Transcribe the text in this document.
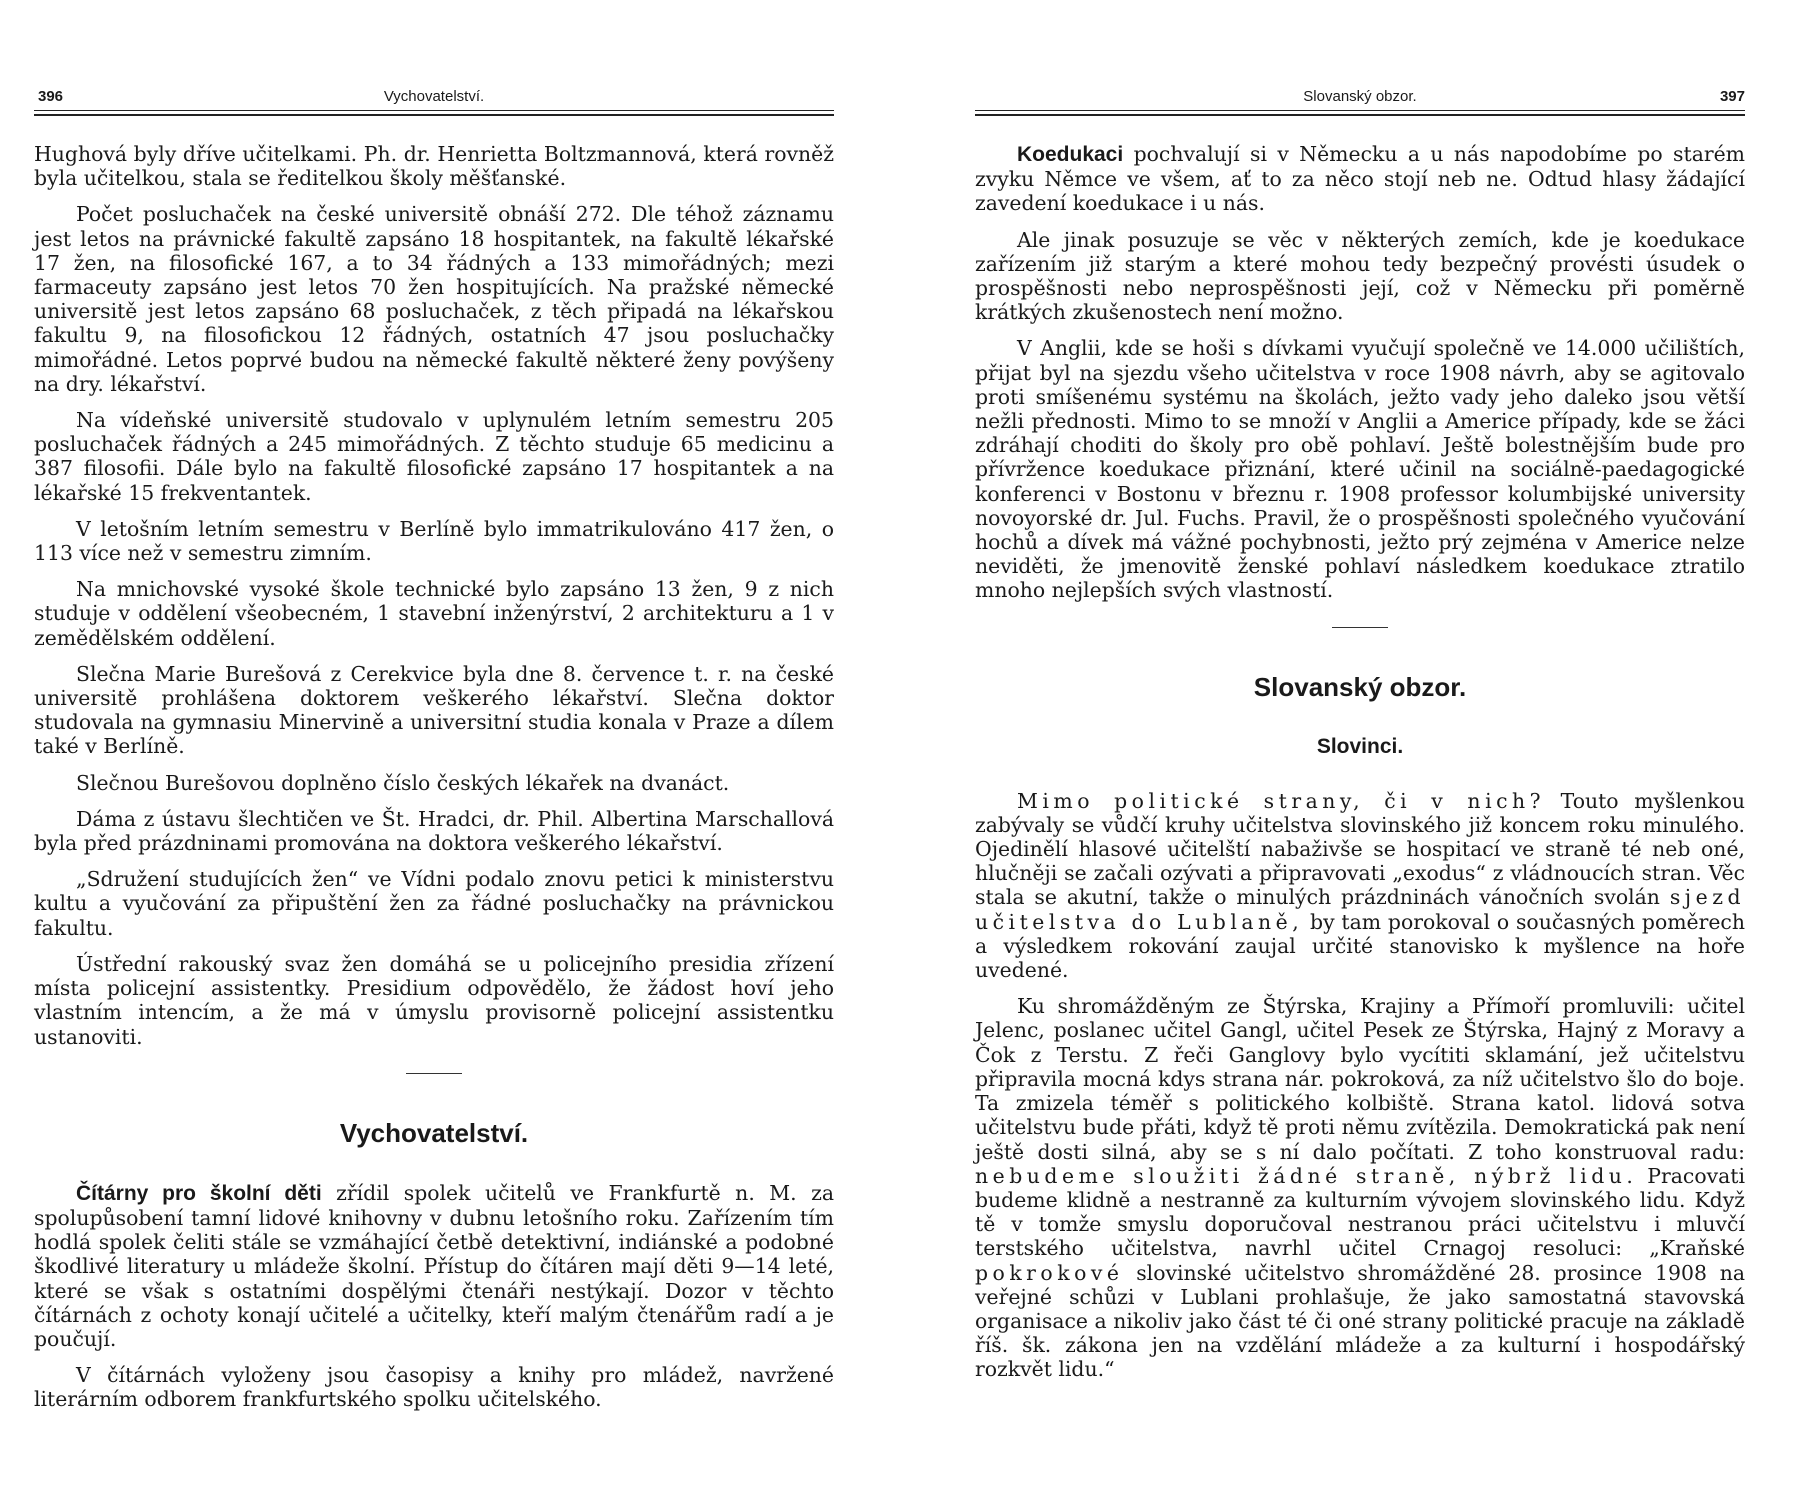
396	Vychovatelství.

Hughová byly dříve učitelkami. Ph. dr. Henrietta Boltzmannová, která rovněž byla učitelkou, stala se ředitelkou školy měšťanské.

Počet posluchaček na české universitě obnáší 272. Dle téhož záznamu jest letos na právnické fakultě zapsáno 18 hospitantek, na fakultě lékařské 17 žen, na filosofické 167, a to 34 řádných a 133 mimořádných; mezi farmaceuty zapsáno jest letos 70 žen hospitujících. Na pražské německé universitě jest letos zapsáno 68 posluchaček, z těch připadá na lékařskou fakultu 9, na filosofickou 12 řádných, ostatních 47 jsou posluchačky mimořádné. Letos poprvé budou na německé fakultě některé ženy povýšeny na dry. lékařství.

Na vídeňské universitě studovalo v uplynulém letním semestru 205 posluchaček řádných a 245 mimořádných. Z těchto studuje 65 medicinu a 387 filosofii. Dále bylo na fakultě filosofické zapsáno 17 hospitantek a na lékařské 15 frekventantek.

V letošním letním semestru v Berlíně bylo immatrikulováno 417 žen, o 113 více než v semestru zimním.

Na mnichovské vysoké škole technické bylo zapsáno 13 žen, 9 z nich studuje v oddělení všeobecném, 1 stavební inženýrství, 2 architekturu a 1 v zemědělském oddělení.

Slečna Marie Burešová z Cerekvice byla dne 8. července t. r. na české universitě prohlášena doktorem veškerého lékařství. Slečna doktor studovala na gymnasiu Minervině a universitní studia konala v Praze a dílem také v Berlíně.

Slečnou Burešovou doplněno číslo českých lékařek na dvanáct.

Dáma z ústavu šlechtičen ve Št. Hradci, dr. Phil. Albertina Marschallová byla před prázdninami promována na doktora veškerého lékařství.

„Sdružení studujících žen“ ve Vídni podalo znovu petici k ministerstvu kultu a vyučování za připuštění žen za řádné posluchačky na právnickou fakultu.

Ústřední rakouský svaz žen domáhá se u policejního presidia zřízení místa policejní assistentky. Presidium odpovědělo, že žádost hoví jeho vlastním intencím, a že má v úmyslu provisorně policejní assistentku ustanoviti.

Vychovatelství.

Čítárny pro školní děti zřídil spolek učitelů ve Frankfurtě n. M. za spolupůsobení tamní lidové knihovny v dubnu letošního roku. Zařízením tím hodlá spolek čeliti stále se vzmáhající četbě detektivní, indiánské a podobné škodlivé literatury u mládeže školní. Přístup do čítáren mají děti 9—14 leté, které se však s ostatními dospělými čtenáři nestýkají. Dozor v těchto čítárnách z ochoty konají učitelé a učitelky, kteří malým čtenářům radí a je poučují.

V čítárnách vyloženy jsou časopisy a knihy pro mládež, navržené literárním odborem frankfurtského spolku učitelského.

Slovanský obzor.	397

Koedukaci pochvalují si v Německu a u nás napodobíme po starém zvyku Němce ve všem, ať to za něco stojí neb ne. Odtud hlasy žádající zavedení koedukace i u nás.

Ale jinak posuzuje se věc v některých zemích, kde je koedukace zařízením již starým a které mohou tedy bezpečný provésti úsudek o prospěšnosti nebo neprospěšnosti její, což v Německu při poměrně krátkých zkušenostech není možno.

V Anglii, kde se hoši s dívkami vyučují společně ve 14.000 učilištích, přijat byl na sjezdu všeho učitelstva v roce 1908 návrh, aby se agitovalo proti smíšenému systému na školách, ježto vady jeho daleko jsou větší nežli přednosti. Mimo to se množí v Anglii a Americe případy, kde se žáci zdráhají choditi do školy pro obě pohlaví. Ještě bolestnějším bude pro přívržence koedukace přiznání, které učinil na sociálně-paedagogické konferenci v Bostonu v březnu r. 1908 professor kolumbijské university novoyorské dr. Jul. Fuchs. Pravil, že o prospěšnosti společného vyučování hochů a dívek má vážné pochybnosti, ježto prý zejména v Americe nelze neviděti, že jmenovitě ženské pohlaví následkem koedukace ztratilo mnoho nejlepších svých vlastností.

Slovanský obzor.
Slovinci.

Mimo politické strany, či v nich? Touto myšlenkou zabývaly se vůdčí kruhy učitelstva slovinského již koncem roku minulého. Ojedinělí hlasové učitelští nabaživše se hospitací ve straně té neb oné, hlučněji se začali ozývati a připravovati „exodus“ z vládnoucích stran. Věc stala se akutní, takže o minulých prázdninách vánočních svolán sjezd učitelstva do Lublaně, by tam porokoval o současných poměrech a výsledkem rokování zaujal určité stanovisko k myšlence na hoře uvedené.

Ku shromážděným ze Štýrska, Krajiny a Přímoří promluvili: učitel Jelenc, poslanec učitel Gangl, učitel Pesek ze Štýrska, Hajný z Moravy a Čok z Terstu. Z řeči Ganglovy bylo vycítiti sklamání, jež učitelstvu připravila mocná kdys strana nár. pokroková, za níž učitelstvo šlo do boje. Ta zmizela téměř s politického kolbiště. Strana katol. lidová sotva učitelstvu bude přáti, když tě proti němu zvítězila. Demokratická pak není ještě dosti silná, aby se s ní dalo počítati. Z toho konstruoval radu: nebudeme sloužiti žádné straně, nýbrž lidu. Pracovati budeme klidně a nestranně za kulturním vývojem slovinského lidu. Když tě v tomže smyslu doporučoval nestranou práci učitelstvu i mluvčí terstského učitelstva, navrhl učitel Crnagoj resoluci: „Kraňské pokrokové slovinské učitelstvo shromážděné 28. prosince 1908 na veřejné schůzi v Lublani prohlašuje, že jako samostatná stavovská organisace a nikoliv jako část té či oné strany politické pracuje na základě říš. šk. zákona jen na vzdělání mládeže a za kulturní i hospodářský rozkvět lidu.“
